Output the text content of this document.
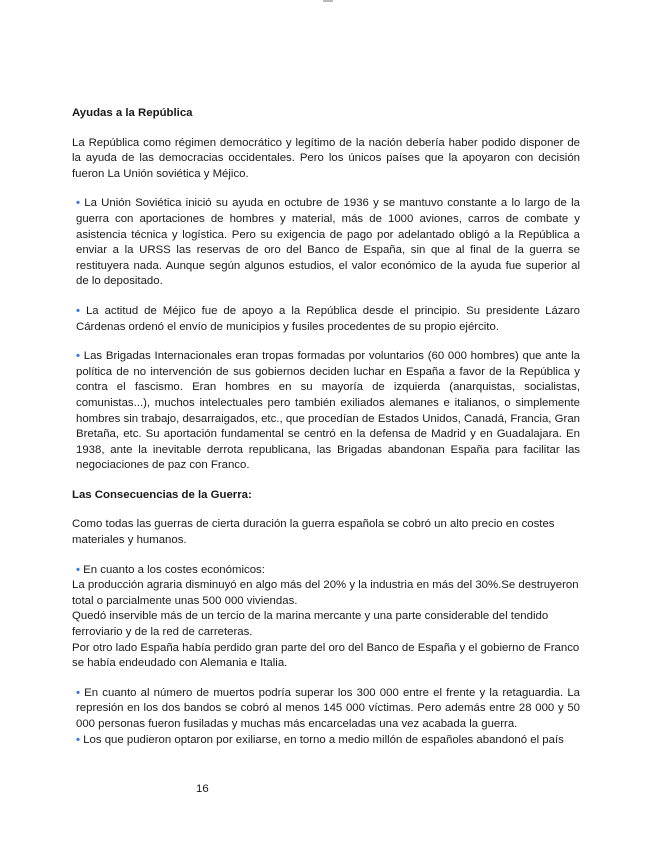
Ayudas a la República

La República como régimen democrático y legítimo de la nación debería haber podido disponer de la ayuda de las democracias occidentales. Pero los únicos países que la apoyaron con decisión fueron La Unión soviética y Méjico.

• La Unión Soviética inició su ayuda en octubre de 1936 y se mantuvo constante a lo largo de la guerra con aportaciones de hombres y material, más de 1000 aviones, carros de combate y asistencia técnica y logística. Pero su exigencia de pago por adelantado obligó a la República a enviar a la URSS las reservas de oro del Banco de España, sin que al final de la guerra se restituyera nada. Aunque según algunos estudios, el valor económico de la ayuda fue superior al de lo depositado.

• La actitud de Méjico fue de apoyo a la República desde el principio. Su presidente Lázaro Cárdenas ordenó el envío de municipios y fusiles procedentes de su propio ejército.

• Las Brigadas Internacionales eran tropas formadas por voluntarios (60 000 hombres) que ante la política de no intervención de sus gobiernos deciden luchar en España a favor de la República y contra el fascismo. Eran hombres en su mayoría de izquierda (anarquistas, socialistas, comunistas...), muchos intelectuales pero también exiliados alemanes e italianos, o simplemente hombres sin trabajo, desarraigados, etc., que procedían de Estados Unidos, Canadá, Francia, Gran Bretaña, etc. Su aportación fundamental se centró en la defensa de Madrid y en Guadalajara. En 1938, ante la inevitable derrota republicana, las Brigadas abandonan España para facilitar las negociaciones de paz con Franco.

Las Consecuencias de la Guerra:

Como todas las guerras de cierta duración la guerra española se cobró un alto precio en costes materiales y humanos.

• En cuanto a los costes económicos:

La producción agraria disminuyó en algo más del 20% y la industria en más del 30%.Se destruyeron total o parcialmente unas 500 000 viviendas.

Quedó inservible más de un tercio de la marina mercante y una parte considerable del tendido ferroviario y de la red de carreteras.

Por otro lado España había perdido gran parte del oro del Banco de España y el gobierno de Franco se había endeudado con Alemania e Italia.

• En cuanto al número de muertos podría superar los 300 000 entre el frente y la retaguardia. La represión en los dos bandos se cobró al menos 145 000 víctimas. Pero además entre 28 000 y 50 000 personas fueron fusiladas y muchas más encarceladas una vez acabada la guerra.

• Los que pudieron optaron por exiliarse, en torno a medio millón de españoles abandonó el país

16
